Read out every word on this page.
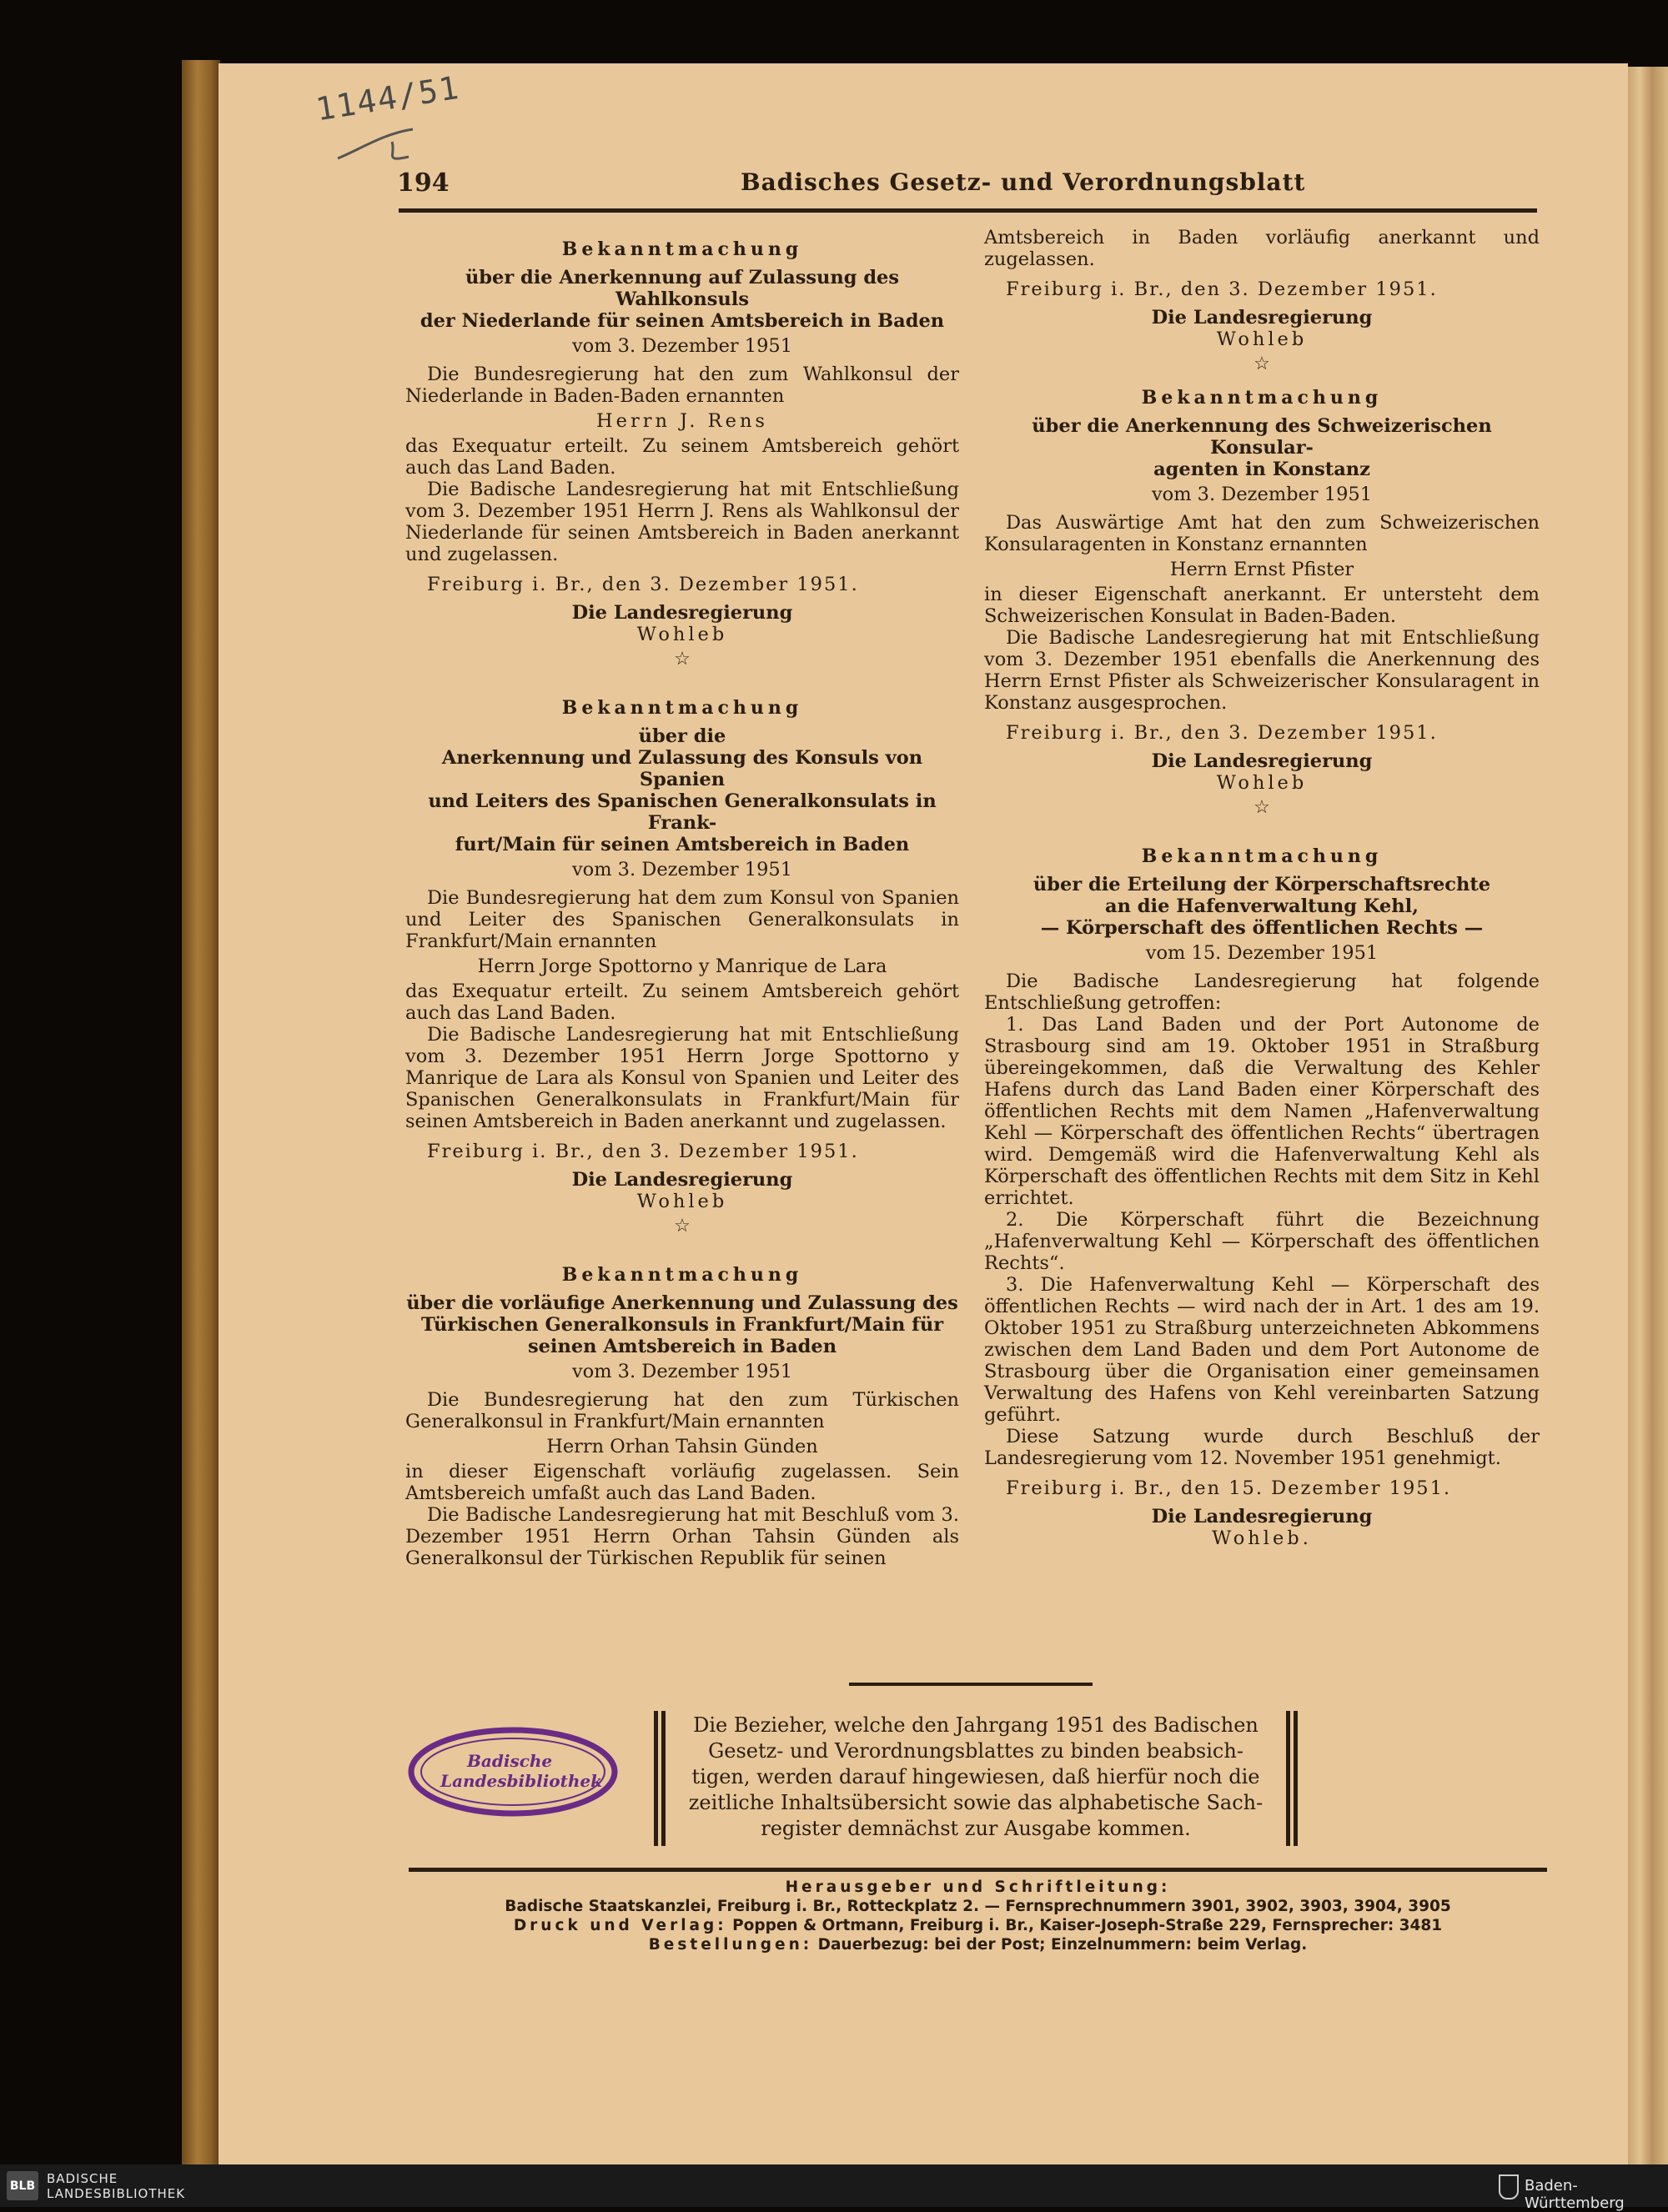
1144/51
194	Badisches Gesetz- und Verordnungsblatt

Bekanntmachung

über die Anerkennung auf Zulassung des Wahlkonsuls

der Niederlande für seinen Amtsbereich in Baden

vom 3. Dezember 1951

Die Bundesregierung hat den zum Wahlkonsul der Niederlande in Baden-Baden ernannten

Herrn J. Rens

das Exequatur erteilt. Zu seinem Amtsbereich gehört auch das Land Baden.

Die Badische Landesregierung hat mit Entschließung vom 3. Dezember 1951 Herrn J. Rens als Wahlkonsul der Niederlande für seinen Amtsbereich in Baden anerkannt und zugelassen.

Freiburg i. Br., den 3. Dezember 1951.

Die Landesregierung

Wohleb

☆

Bekanntmachung

über die

Anerkennung und Zulassung des Konsuls von Spanien

und Leiters des Spanischen Generalkonsulats in Frank-

furt/Main für seinen Amtsbereich in Baden

vom 3. Dezember 1951

Die Bundesregierung hat dem zum Konsul von Spanien und Leiter des Spanischen Generalkonsulats in Frankfurt/Main ernannten

Herrn Jorge Spottorno y Manrique de Lara

das Exequatur erteilt. Zu seinem Amtsbereich gehört auch das Land Baden.

Die Badische Landesregierung hat mit Entschließung vom 3. Dezember 1951 Herrn Jorge Spottorno y Manrique de Lara als Konsul von Spanien und Leiter des Spanischen Generalkonsulats in Frankfurt/Main für seinen Amtsbereich in Baden anerkannt und zugelassen.

Freiburg i. Br., den 3. Dezember 1951.

Die Landesregierung

Wohleb

☆

Bekanntmachung

über die vorläufige Anerkennung und Zulassung des

Türkischen Generalkonsuls in Frankfurt/Main für

seinen Amtsbereich in Baden

vom 3. Dezember 1951

Die Bundesregierung hat den zum Türkischen Generalkonsul in Frankfurt/Main ernannten

Herrn Orhan Tahsin Günden

in dieser Eigenschaft vorläufig zugelassen. Sein Amtsbereich umfaßt auch das Land Baden.

Die Badische Landesregierung hat mit Beschluß vom 3. Dezember 1951 Herrn Orhan Tahsin Günden als Generalkonsul der Türkischen Republik für seinen

Amtsbereich in Baden vorläufig anerkannt und zugelassen.

Freiburg i. Br., den 3. Dezember 1951.

Die Landesregierung

Wohleb

☆

Bekanntmachung

über die Anerkennung des Schweizerischen Konsular-

agenten in Konstanz

vom 3. Dezember 1951

Das Auswärtige Amt hat den zum Schweizerischen Konsularagenten in Konstanz ernannten

Herrn Ernst Pfister

in dieser Eigenschaft anerkannt. Er untersteht dem Schweizerischen Konsulat in Baden-Baden.

Die Badische Landesregierung hat mit Entschließung vom 3. Dezember 1951 ebenfalls die Anerkennung des Herrn Ernst Pfister als Schweizerischer Konsularagent in Konstanz ausgesprochen.

Freiburg i. Br., den 3. Dezember 1951.

Die Landesregierung

Wohleb

☆

Bekanntmachung

über die Erteilung der Körperschaftsrechte

an die Hafenverwaltung Kehl,

— Körperschaft des öffentlichen Rechts —

vom 15. Dezember 1951

Die Badische Landesregierung hat folgende Entschließung getroffen:

1. Das Land Baden und der Port Autonome de Strasbourg sind am 19. Oktober 1951 in Straßburg übereingekommen, daß die Verwaltung des Kehler Hafens durch das Land Baden einer Körperschaft des öffentlichen Rechts mit dem Namen „Hafenverwaltung Kehl — Körperschaft des öffentlichen Rechts“ übertragen wird. Demgemäß wird die Hafenverwaltung Kehl als Körperschaft des öffentlichen Rechts mit dem Sitz in Kehl errichtet.

2. Die Körperschaft führt die Bezeichnung „Hafenverwaltung Kehl — Körperschaft des öffentlichen Rechts“.

3. Die Hafenverwaltung Kehl — Körperschaft des öffentlichen Rechts — wird nach der in Art. 1 des am 19. Oktober 1951 zu Straßburg unterzeichneten Abkommens zwischen dem Land Baden und dem Port Autonome de Strasbourg über die Organisation einer gemeinsamen Verwaltung des Hafens von Kehl vereinbarten Satzung geführt.

Diese Satzung wurde durch Beschluß der Landesregierung vom 12. November 1951 genehmigt.

Freiburg i. Br., den 15. Dezember 1951.

Die Landesregierung

Wohleb.

Badische
Landesbibliothek

Die Bezieher, welche den Jahrgang 1951 des Badischen

Gesetz- und Verordnungsblattes zu binden beabsich-

tigen, werden darauf hingewiesen, daß hierfür noch die

zeitliche Inhaltsübersicht sowie das alphabetische Sach-

register demnächst zur Ausgabe kommen.

Herausgeber und Schriftleitung:

Badische Staatskanzlei, Freiburg i. Br., Rotteckplatz 2. — Fernsprechnummern 3901, 3902, 3903, 3904, 3905

Druck und Verlag: Poppen & Ortmann, Freiburg i. Br., Kaiser-Joseph-Straße 229, Fernsprecher: 3481

Bestellungen: Dauerbezug: bei der Post; Einzelnummern: beim Verlag.

BLB BADISCHE
LANDESBIBLIOTHEK	Baden-Württemberg
